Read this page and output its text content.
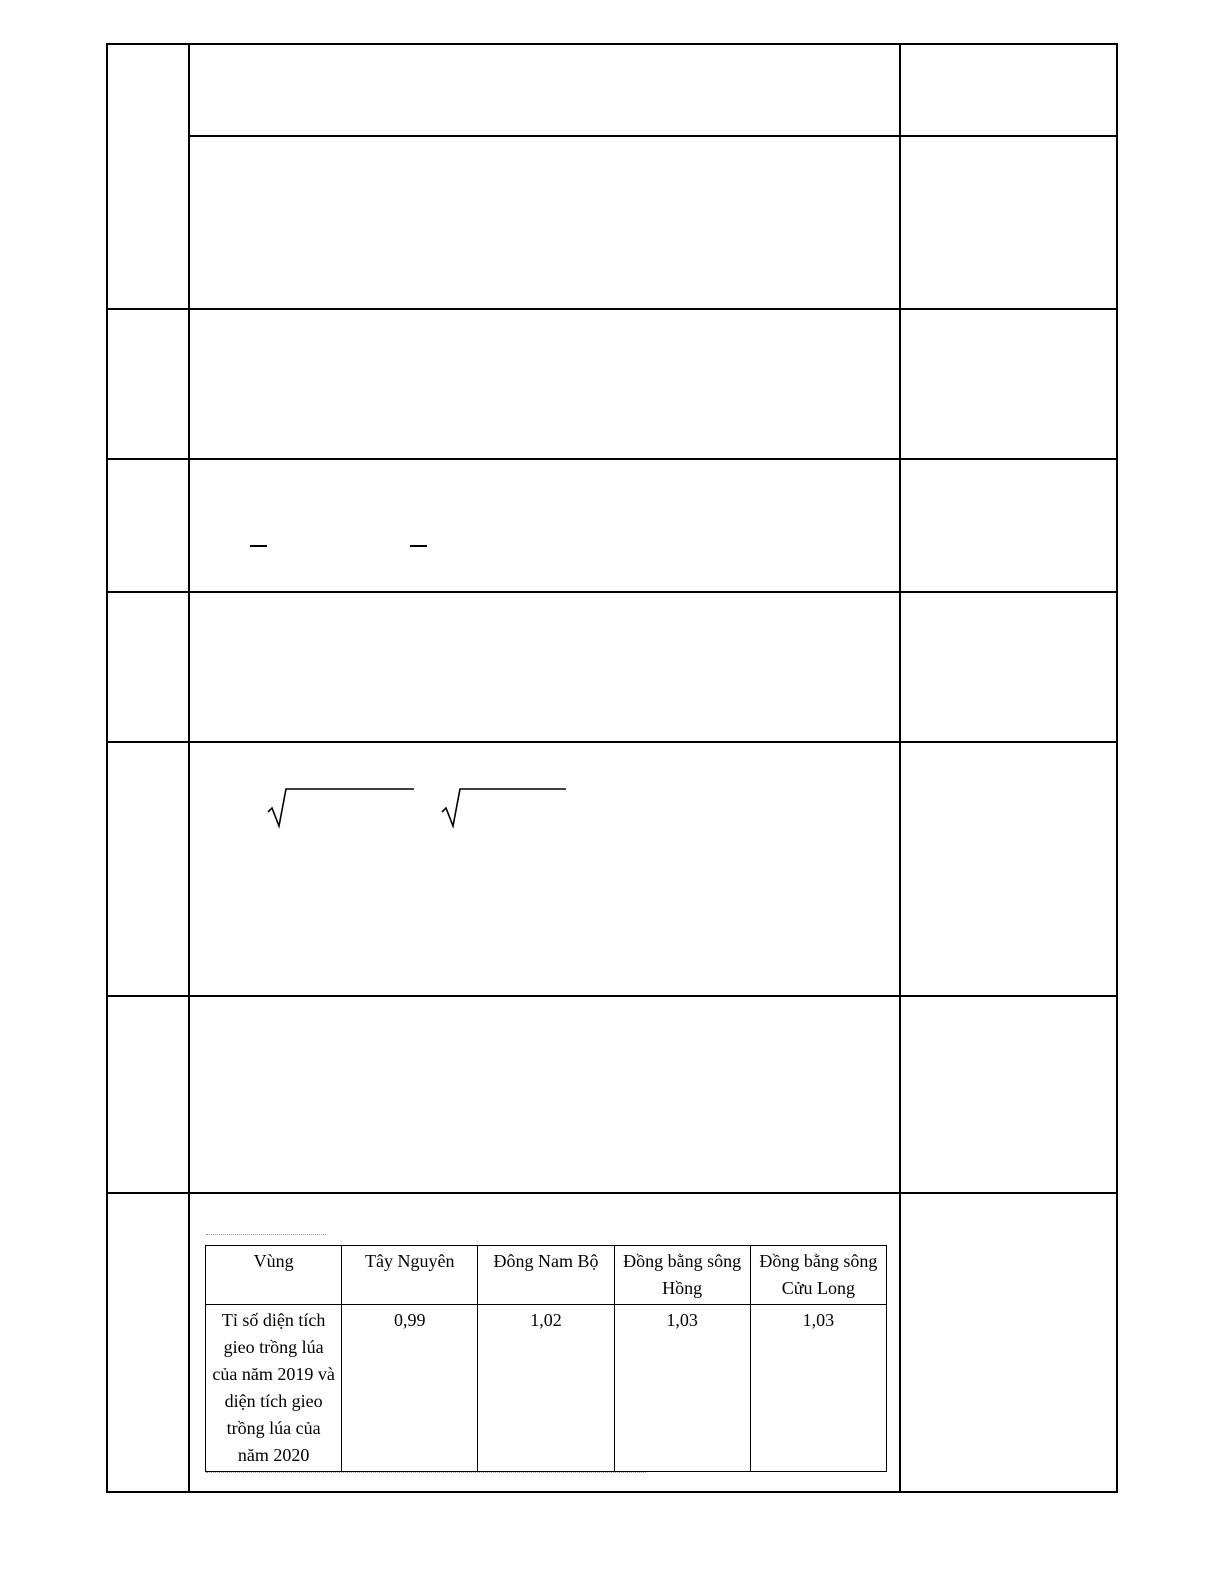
Vùng	Tây Nguyên	Đông Nam Bộ	Đồng bằng sông Hồng	Đồng bằng sông Cửu Long
Tỉ số diện tích gieo trồng lúa của năm 2019 và diện tích gieo trồng lúa của năm 2020	0,99	1,02	1,03	1,03
